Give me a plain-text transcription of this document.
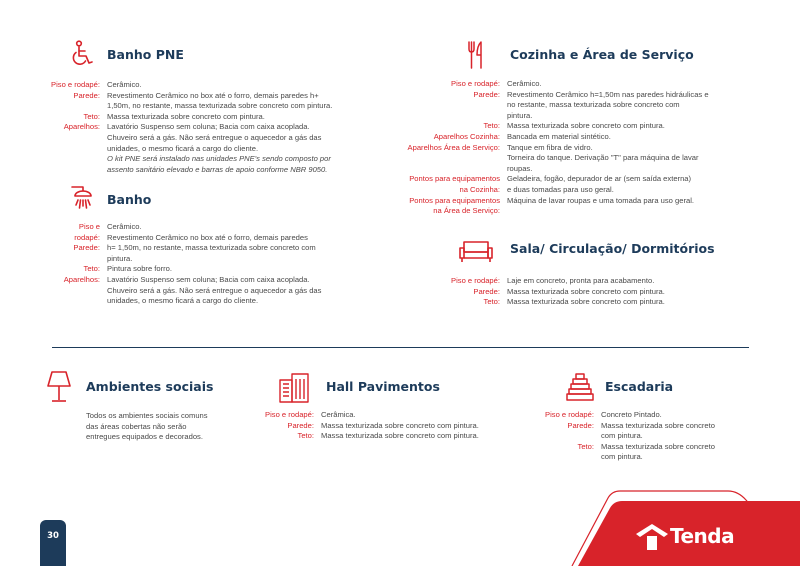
Banho PNE
Piso e rodapé: Cerâmico.
Parede: Revestimento Cerâmico no box até o forro, demais paredes h+
1,50m, no restante, massa texturizada sobre concreto com pintura.
Teto: Massa texturizada sobre concreto com pintura.
Aparelhos: Lavatório Suspenso sem coluna; Bacia com caixa acoplada.
Chuveiro será a gás. Não será entregue o aquecedor a gás das
unidades, o mesmo ficará a cargo do cliente.
O kit PNE será instalado nas unidades PNE's sendo composto por
assento sanitário elevado e barras de apoio conforme NBR 9050.
Banho
Piso e
rodapé:
Cerâmico.
Revestimento Cerâmico no box até o forro, demais paredes
Parede: h= 1,50m, no restante, massa texturizada sobre concreto com
pintura.
Teto: Pintura sobre forro.
Aparelhos: Lavatório Suspenso sem coluna; Bacia com caixa acoplada.
Chuveiro será a gás. Não será entregue o aquecedor a gás das
unidades, o mesmo ficará a cargo do cliente.
Cozinha e Área de Serviço
Piso e rodapé: Cerâmico.
Parede: Revestimento Cerâmico h=1,50m nas paredes hidráulicas e
no restante, massa texturizada sobre concreto com
pintura.
Teto: Massa texturizada sobre concreto com pintura.
Aparelhos Cozinha: Bancada em material sintético.
Aparelhos Área de Serviço: Tanque em fibra de vidro.
Torneira do tanque. Derivação "T" para máquina de lavar
roupas.
Pontos para equipamentos
na Cozinha:
Geladeira, fogão, depurador de ar (sem saída externa)
e duas tomadas para uso geral.
Pontos para equipamentos
na Área de Serviço:
Máquina de lavar roupas e uma tomada para uso geral.
Sala/ Circulação/ Dormitórios
Piso e rodapé: Laje em concreto, pronta para acabamento.
Parede: Massa texturizada sobre concreto com pintura.
Teto: Massa texturizada sobre concreto com pintura.
Ambientes sociais
Todos os ambientes sociais comuns
das áreas cobertas não serão
entregues equipados e decorados.
Hall Pavimentos
Piso e rodapé: Cerâmica.
Parede: Massa texturizada sobre concreto com pintura.
Teto: Massa texturizada sobre concreto com pintura.
Escadaria
Piso e rodapé: Concreto Pintado.
Parede: Massa texturizada sobre concreto
com pintura.
Teto: Massa texturizada sobre concreto
com pintura.
30	Tenda
